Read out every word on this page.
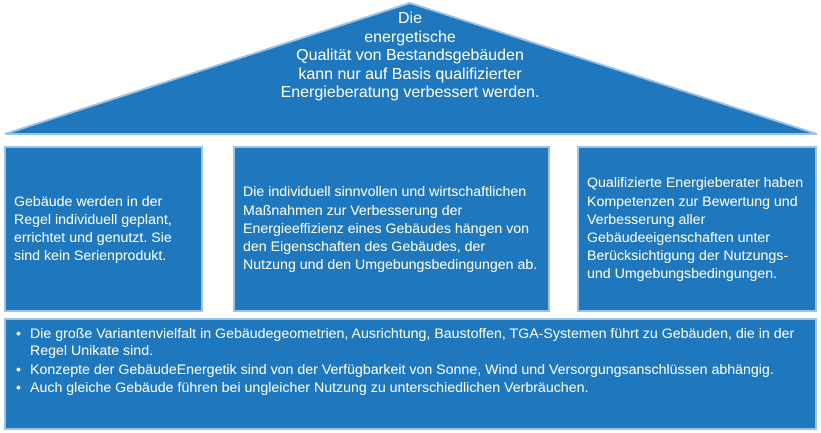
Die
energetische
Qualität von Bestandsgebäuden
kann nur auf Basis qualifizierter
Energieberatung verbessert werden.
Gebäude werden in der Regel individuell geplant, errichtet und genutzt. Sie sind kein Serienprodukt.
Die individuell sinnvollen und wirtschaftlichen Maßnahmen zur Verbesserung der Energieeffizienz eines Gebäudes hängen von den Eigenschaften des Gebäudes, der Nutzung und den Umgebungsbedingungen ab.
Qualifizierte Energieberater haben Kompetenzen zur Bewertung und Verbesserung aller Gebäudeeigenschaften unter Berücksichtigung der Nutzungs- und Umgebungsbedingungen.
• Die große Variantenvielfalt in Gebäudegeometrien, Ausrichtung, Baustoffen, TGA-Systemen führt zu Gebäuden, die in der Regel Unikate sind.
• Konzepte der GebäudeEnergetik sind von der Verfügbarkeit von Sonne, Wind und Versorgungsanschlüssen abhängig.
• Auch gleiche Gebäude führen bei ungleicher Nutzung zu unterschiedlichen Verbräuchen.
